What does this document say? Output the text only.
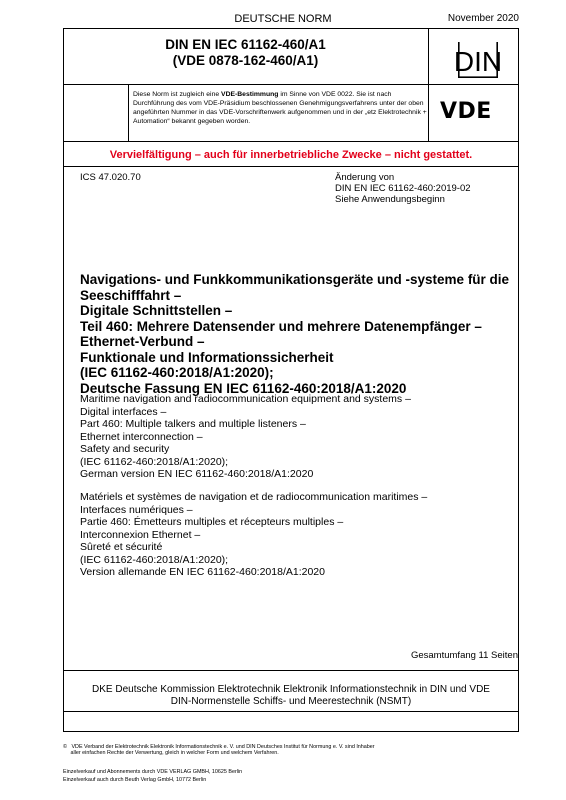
DEUTSCHE NORM	November 2020
DIN EN IEC 61162-460/A1
(VDE 0878-162-460/A1)	DIN
Diese Norm ist zugleich eine VDE-Bestimmung im Sinne von VDE 0022. Sie ist nach Durchführung des vom VDE-Präsidium beschlossenen Genehmigungsverfahrens unter der oben angeführten Nummer in das VDE-Vorschriftenwerk aufgenommen und in der „etz Elektrotechnik + Automation“ bekannt gegeben worden.	VDE
Vervielfältigung – auch für innerbetriebliche Zwecke – nicht gestattet.
ICS 47.020.70	Änderung von
DIN EN IEC 61162-460:2019-02
Siehe Anwendungsbeginn
Navigations- und Funkkommunikationsgeräte und -systeme für die
Seeschifffahrt –
Digitale Schnittstellen –
Teil 460: Mehrere Datensender und mehrere Datenempfänger –
Ethernet-Verbund –
Funktionale und Informationssicherheit
(IEC 61162-460:2018/A1:2020);
Deutsche Fassung EN IEC 61162-460:2018/A1:2020
Maritime navigation and radiocommunication equipment and systems –
Digital interfaces –
Part 460: Multiple talkers and multiple listeners –
Ethernet interconnection –
Safety and security
(IEC 61162-460:2018/A1:2020);
German version EN IEC 61162-460:2018/A1:2020
Matériels et systèmes de navigation et de radiocommunication maritimes –
Interfaces numériques –
Partie 460: Émetteurs multiples et récepteurs multiples –
Interconnexion Ethernet –
Sûreté et sécurité
(IEC 61162-460:2018/A1:2020);
Version allemande EN IEC 61162-460:2018/A1:2020
Gesamtumfang 11 Seiten
DKE Deutsche Kommission Elektrotechnik Elektronik Informationstechnik in DIN und VDE
DIN-Normenstelle Schiffs- und Meerestechnik (NSMT)
©   VDE Verband der Elektrotechnik Elektronik Informationstechnik e. V. und DIN Deutsches Institut für Normung e. V. sind Inhaber
aller einfachen Rechte der Verwertung, gleich in welcher Form und welchem Verfahren.
Einzelverkauf und Abonnements durch VDE VERLAG GMBH, 10625 Berlin
Einzelverkauf auch durch Beuth Verlag GmbH, 10772 Berlin
